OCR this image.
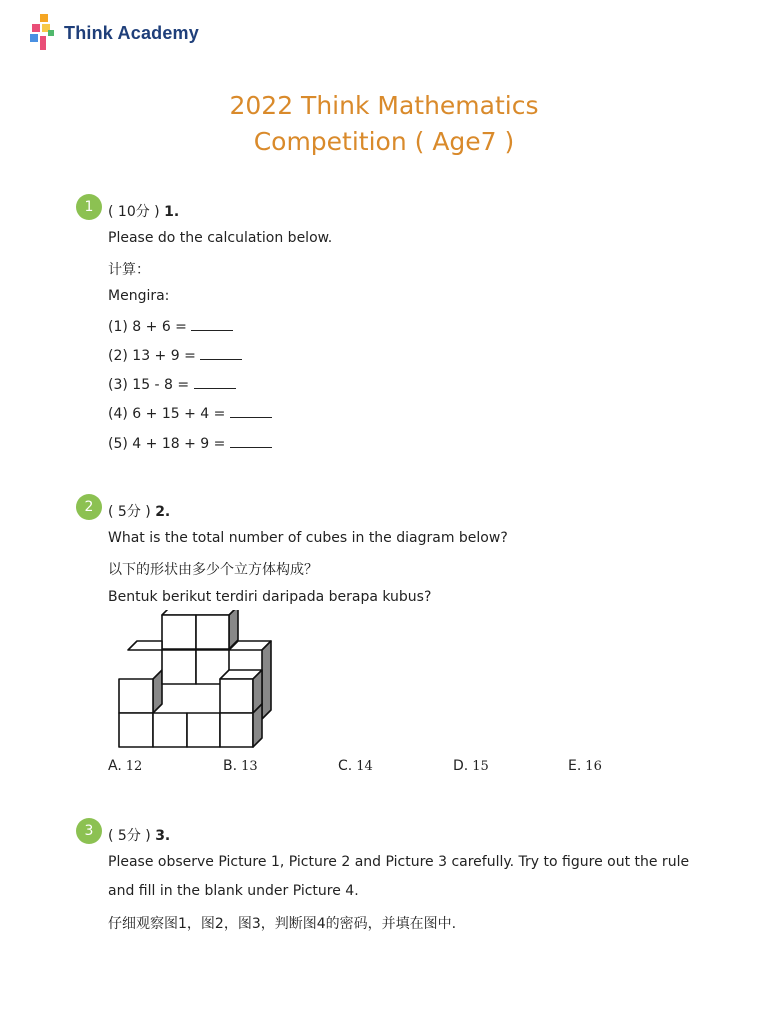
Think Academy
2022 Think Mathematics
Competition ( Age7 )
1	( 10分 ) 1.
Please do the calculation below.
计算：
Mengira:
(1) 8 + 6 =
(2) 13 + 9 =
(3) 15 - 8 =
(4) 6 + 15 + 4 =
(5) 4 + 18 + 9 =
2	( 5分 ) 2.
What is the total number of cubes in the diagram below?
以下的形状由多少个立方体构成？
Bentuk berikut terdiri daripada berapa kubus?
A. 12	B. 13	C. 14	D. 15	E. 16
3	( 5分 ) 3.
Please observe Picture 1, Picture 2 and Picture 3 carefully. Try to figure out the rule
and fill in the blank under Picture 4.
仔细观察图1，图2，图3，判断图4的密码，并填在图中.
